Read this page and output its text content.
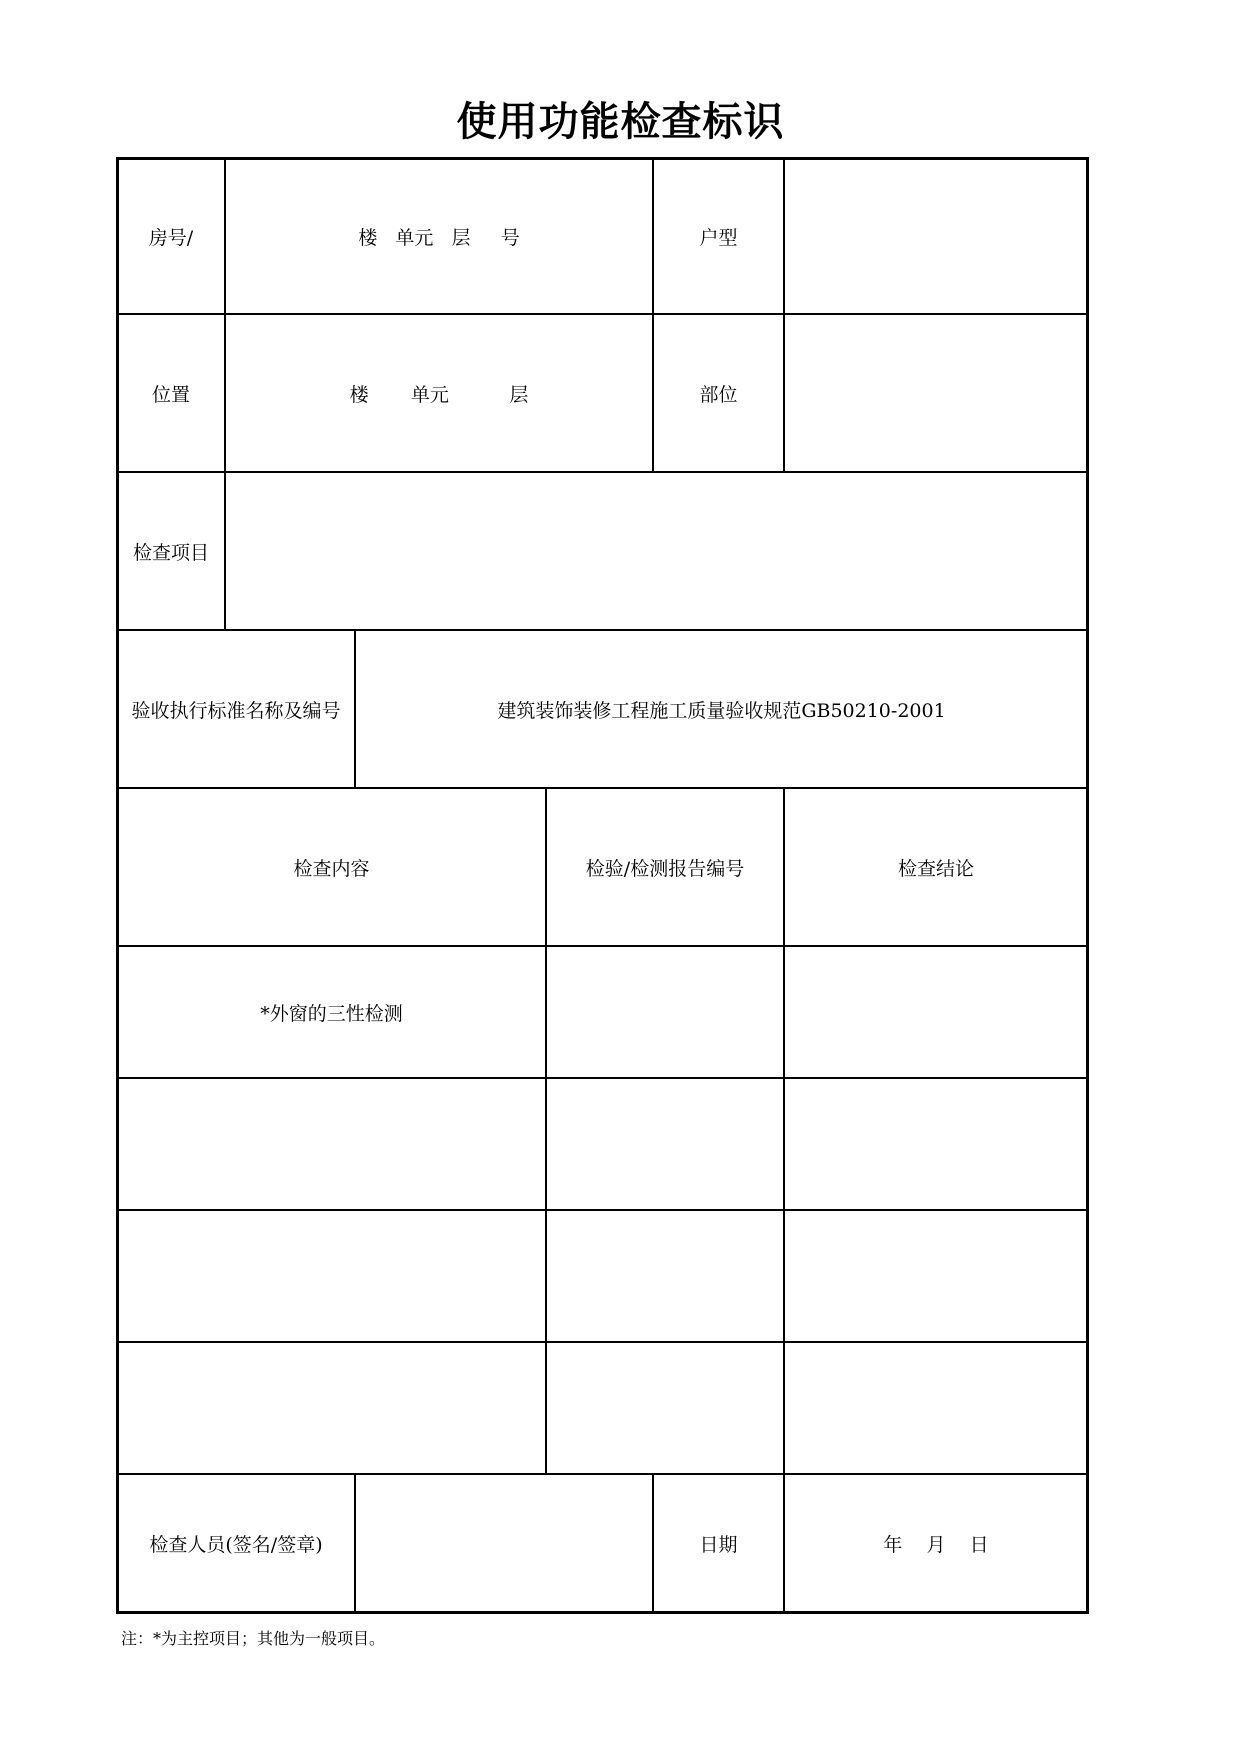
使用功能检查标识
房号/	楼   单元   层     号	户型
位置	楼       单元          层	部位
检查项目
验收执行标准名称及编号	建筑装饰装修工程施工质量验收规范GB50210-2001
检查内容	检验/检测报告编号	检查结论
*外窗的三性检测
检查人员(签名/签章)	日期	年    月    日
注：*为主控项目；其他为一般项目。
